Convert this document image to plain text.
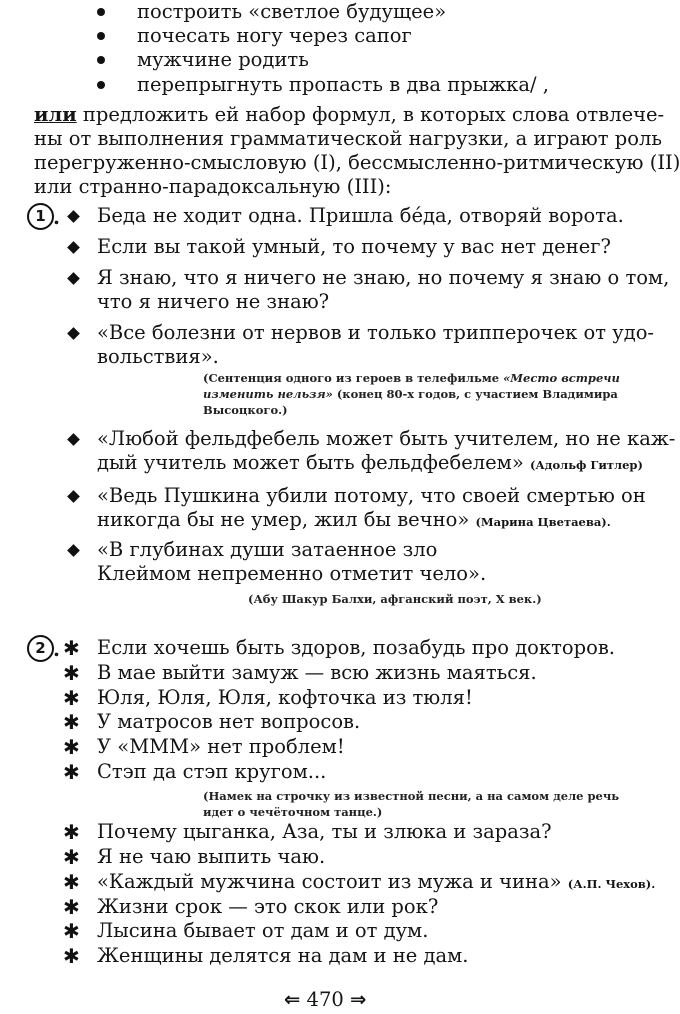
построить «светлое будущее»
почесать ногу через сапог
мужчине родить
перепрыгнуть пропасть в два прыжка/ ,
или предложить ей набор формул, в которых слова отвлече-
ны от выполнения грамматической нагрузки, а играют роль
перегруженно-смысловую (I), бессмысленно-ритмическую (II)
или странно-парадоксальную (III):
1 . Беда не ходит одна. Пришла бéда, отворяй ворота.
Если вы такой умный, то почему у вас нет денег?
Я знаю, что я ничего не знаю, но почему я знаю о том,
что я ничего не знаю?
«Все болезни от нервов и только трипперочек от удо-
вольствия».
(Сентенция одного из героев в телефильме «Место встречи
изменить нельзя» (конец 80-х годов, с участием Владимира
Высоцкого.)
«Любой фельдфебель может быть учителем, но не каж-
дый учитель может быть фельдфебелем» (Адольф Гитлер)
«Ведь Пушкина убили потому, что своей смертью он
никогда бы не умер, жил бы вечно» (Марина Цветаева).
«В глубинах души затаенное зло
Клеймом непременно отметит чело».
(Абу Шакур Балхи, афганский поэт, X век.)
2 . ✱ Если хочешь быть здоров, позабудь про докторов.
✱ В мае выйти замуж — всю жизнь маяться.
✱ Юля, Юля, Юля, кофточка из тюля!
✱ У матросов нет вопросов.
✱ У «МММ» нет проблем!
✱ Стэп да стэп кругом...
(Намек на строчку из известной песни, а на самом деле речь
идет о чечёточном танце.)
✱ Почему цыганка, Аза, ты и злюка и зараза?
✱ Я не чаю выпить чаю.
✱ «Каждый мужчина состоит из мужа и чина» (А.П. Чехов).
✱ Жизни срок — это скок или рок?
✱ Лысина бывает от дам и от дум.
✱ Женщины делятся на дам и не дам.
⇐ 470 ⇒
